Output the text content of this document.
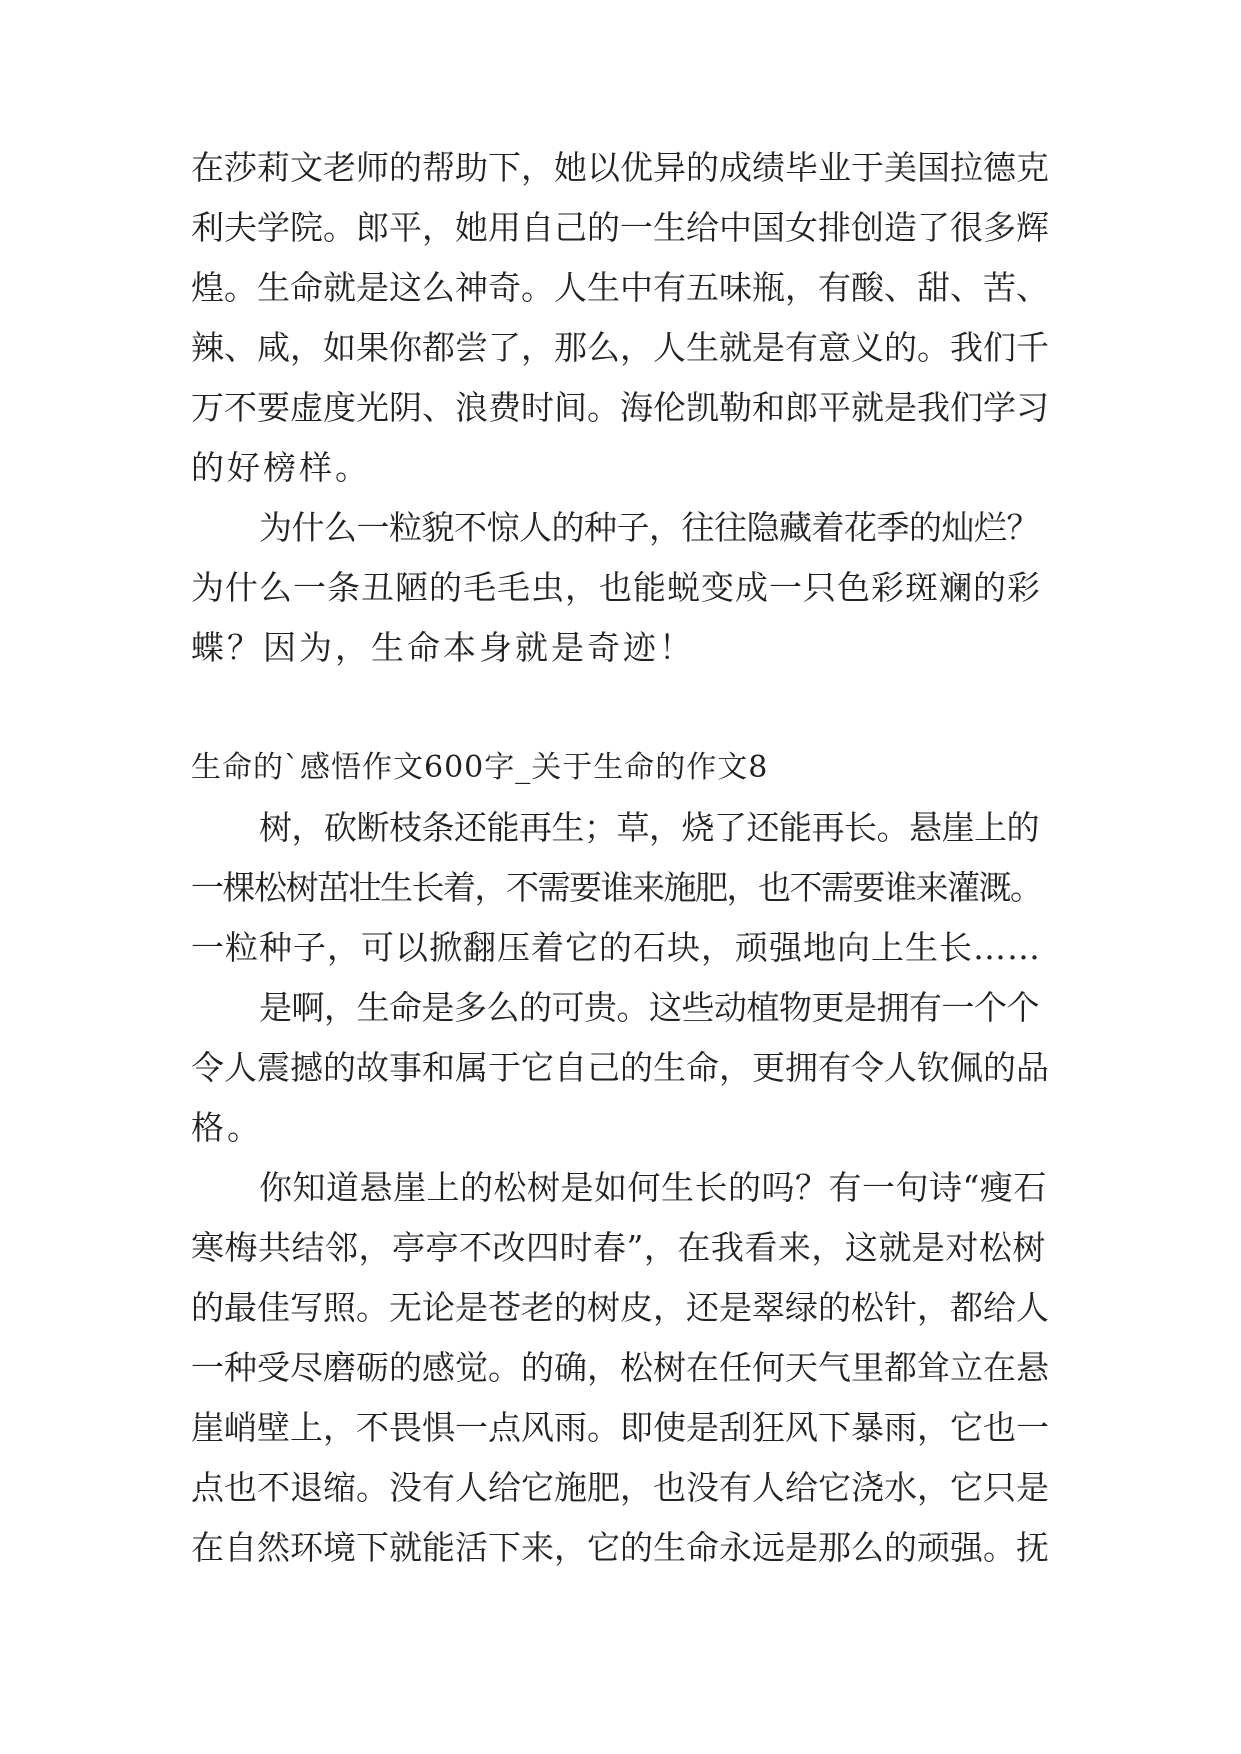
在莎莉文老师的帮助下，她以优异的成绩毕业于美国拉德克
利夫学院。郎平，她用自己的一生给中国女排创造了很多辉
煌。生命就是这么神奇。人生中有五味瓶，有酸、甜、苦、
辣、咸，如果你都尝了，那么，人生就是有意义的。我们千
万不要虚度光阴、浪费时间。海伦凯勒和郎平就是我们学习
的好榜样。
为什么一粒貌不惊人的种子，往往隐藏着花季的灿烂？
为什么一条丑陋的毛毛虫，也能蜕变成一只色彩斑斓的彩
蝶？因为，生命本身就是奇迹！
生命的`感悟作文600字_关于生命的作文8
树，砍断枝条还能再生；草，烧了还能再长。悬崖上的
一棵松树茁壮生长着，不需要谁来施肥，也不需要谁来灌溉。
一粒种子，可以掀翻压着它的石块，顽强地向上生长……
是啊，生命是多么的可贵。这些动植物更是拥有一个个
令人震撼的故事和属于它自己的生命，更拥有令人钦佩的品
格。
你知道悬崖上的松树是如何生长的吗？有一句诗“瘦石
寒梅共结邻，亭亭不改四时春”，在我看来，这就是对松树
的最佳写照。无论是苍老的树皮，还是翠绿的松针，都给人
一种受尽磨砺的感觉。的确，松树在任何天气里都耸立在悬
崖峭壁上，不畏惧一点风雨。即使是刮狂风下暴雨，它也一
点也不退缩。没有人给它施肥，也没有人给它浇水，它只是
在自然环境下就能活下来，它的生命永远是那么的顽强。抚
